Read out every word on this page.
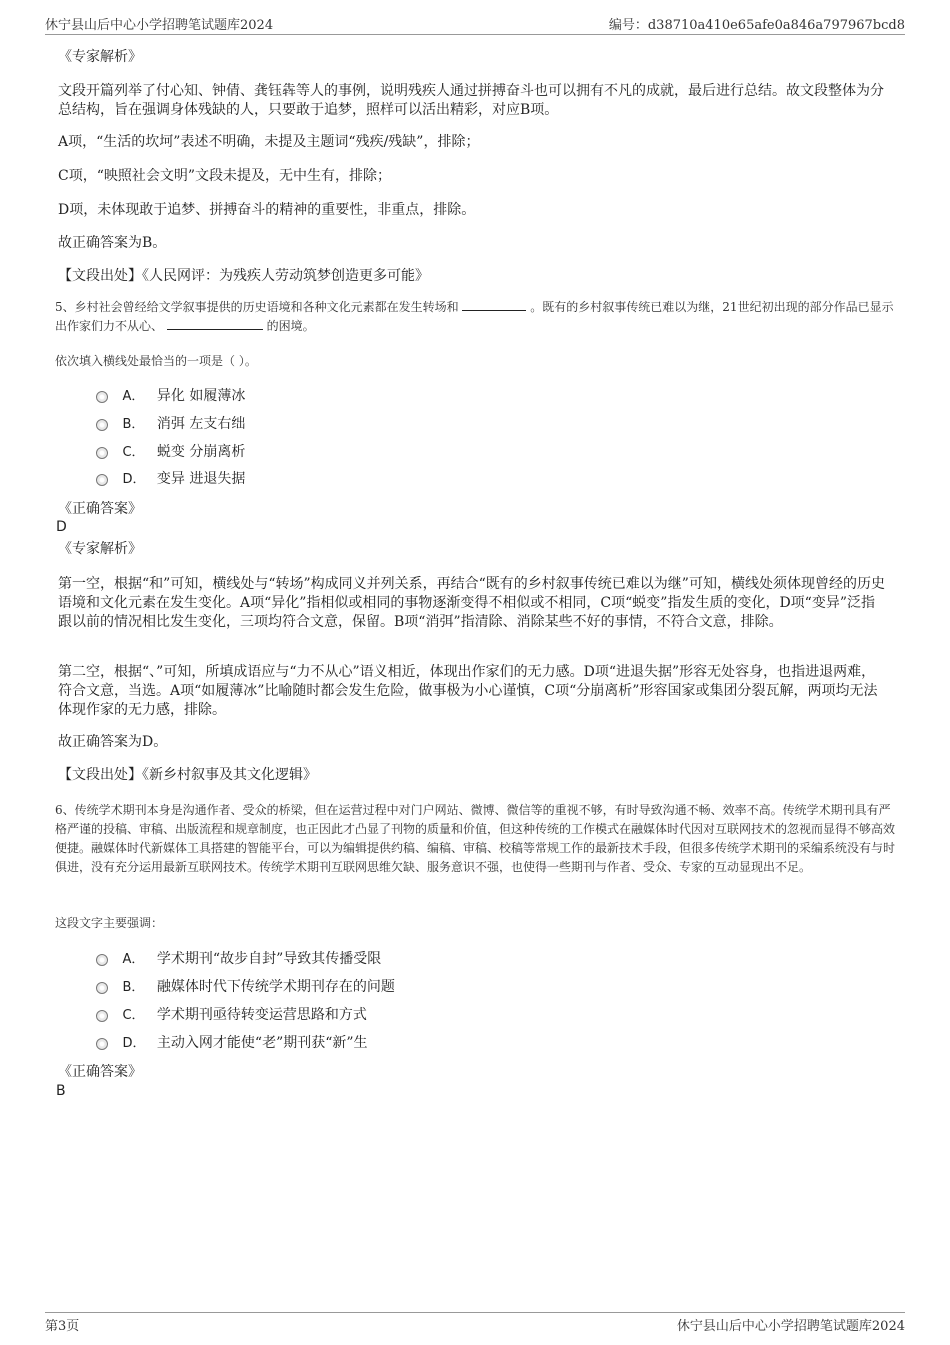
休宁县山后中心小学招聘笔试题库2024	编号：d38710a410e65afe0a846a797967bcd8
《专家解析》
文段开篇列举了付心知、钟倩、龚钰犇等人的事例，说明残疾人通过拼搏奋斗也可以拥有不凡的成就，最后进行总结。故文段整体为分总结构，旨在强调身体残缺的人，只要敢于追梦，照样可以活出精彩，对应B项。
A项，“生活的坎坷”表述不明确，未提及主题词“残疾/残缺”，排除；
C项，“映照社会文明”文段未提及，无中生有，排除；
D项，未体现敢于追梦、拼搏奋斗的精神的重要性，非重点，排除。
故正确答案为B。
【文段出处】《人民网评：为残疾人劳动筑梦创造更多可能》
5、乡村社会曾经给文学叙事提供的历史语境和各种文化元素都在发生转场和	。既有的乡村叙事传统已难以为继，21世纪初出现的部分作品已显示出作家们力不从心、	的困境。
依次填入横线处最恰当的一项是（ ）。
A． 异化 如履薄冰
B． 消弭 左支右绌
C． 蜕变 分崩离析
D． 变异 进退失据
《正确答案》
D
《专家解析》
第一空，根据“和”可知，横线处与“转场”构成同义并列关系，再结合“既有的乡村叙事传统已难以为继”可知，横线处须体现曾经的历史语境和文化元素在发生变化。A项“异化”指相似或相同的事物逐渐变得不相似或不相同，C项“蜕变”指发生质的变化，D项“变异”泛指跟以前的情况相比发生变化，三项均符合文意，保留。B项“消弭”指清除、消除某些不好的事情，不符合文意，排除。
第二空，根据“、”可知，所填成语应与“力不从心”语义相近，体现出作家们的无力感。D项“进退失据”形容无处容身，也指进退两难，符合文意，当选。A项“如履薄冰”比喻随时都会发生危险，做事极为小心谨慎，C项“分崩离析”形容国家或集团分裂瓦解，两项均无法体现作家的无力感，排除。
故正确答案为D。
【文段出处】《新乡村叙事及其文化逻辑》
6、传统学术期刊本身是沟通作者、受众的桥梁，但在运营过程中对门户网站、微博、微信等的重视不够，有时导致沟通不畅、效率不高。传统学术期刊具有严格严谨的投稿、审稿、出版流程和规章制度，也正因此才凸显了刊物的质量和价值，但这种传统的工作模式在融媒体时代因对互联网技术的忽视而显得不够高效便捷。融媒体时代新媒体工具搭建的智能平台，可以为编辑提供约稿、编稿、审稿、校稿等常规工作的最新技术手段，但很多传统学术期刊的采编系统没有与时俱进，没有充分运用最新互联网技术。传统学术期刊互联网思维欠缺、服务意识不强，也使得一些期刊与作者、受众、专家的互动显现出不足。
这段文字主要强调：
A． 学术期刊“故步自封”导致其传播受限
B． 融媒体时代下传统学术期刊存在的问题
C． 学术期刊亟待转变运营思路和方式
D． 主动入网才能使“老”期刊获“新”生
《正确答案》
B
第3页	休宁县山后中心小学招聘笔试题库2024
